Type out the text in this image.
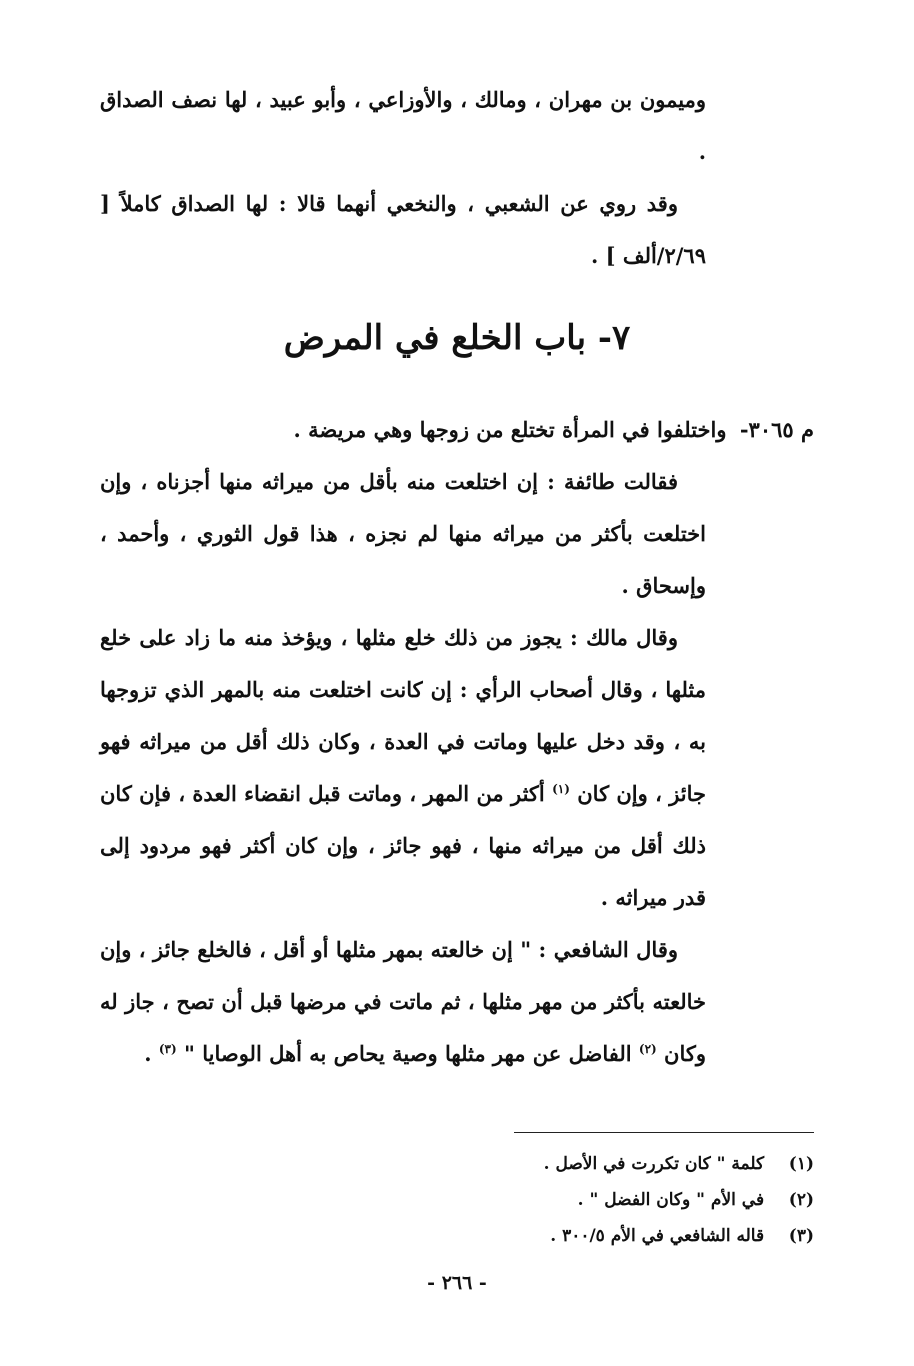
وميمون بن مهران ، ومالك ، والأوزاعي ، وأبو عبيد ، لها نصف الصداق .

وقد روي عن الشعبي ، والنخعي أنهما قالا : لها الصداق كاملاً [ ٢/٦٩/ألف ] .

٧- باب الخلع في المرض
م ٣٠٦٥- واختلفوا في المرأة تختلع من زوجها وهي مريضة .

فقالت طائفة : إن اختلعت منه بأقل من ميراثه منها أجزناه ، وإن اختلعت بأكثر من ميراثه منها لم نجزه ، هذا قول الثوري ، وأحمد ، وإسحاق .

وقال مالك : يجوز من ذلك خلع مثلها ، ويؤخذ منه ما زاد على خلع مثلها ، وقال أصحاب الرأي : إن كانت اختلعت منه بالمهر الذي تزوجها به ، وقد دخل عليها وماتت في العدة ، وكان ذلك أقل من ميراثه فهو جائز ، وإن كان $^{(١)}$ أكثر من المهر ، وماتت قبل انقضاء العدة ، فإن كان ذلك أقل من ميراثه منها ، فهو جائز ، وإن كان أكثر فهو مردود إلى قدر ميراثه .

وقال الشافعي : " إن خالعته بمهر مثلها أو أقل ، فالخلع جائز ، وإن خالعته بأكثر من مهر مثلها ، ثم ماتت في مرضها قبل أن تصح ، جاز له وكان $^{(٢)}$ الفاضل عن مهر مثلها وصية يحاص به أهل الوصايا " $^{(٣)}$ .

(١) كلمة " كان تكررت في الأصل .

(٢) في الأم " وكان الفضل " .

(٣) قاله الشافعي في الأم ٣٠٠/٥ .

- ٢٦٦ -
